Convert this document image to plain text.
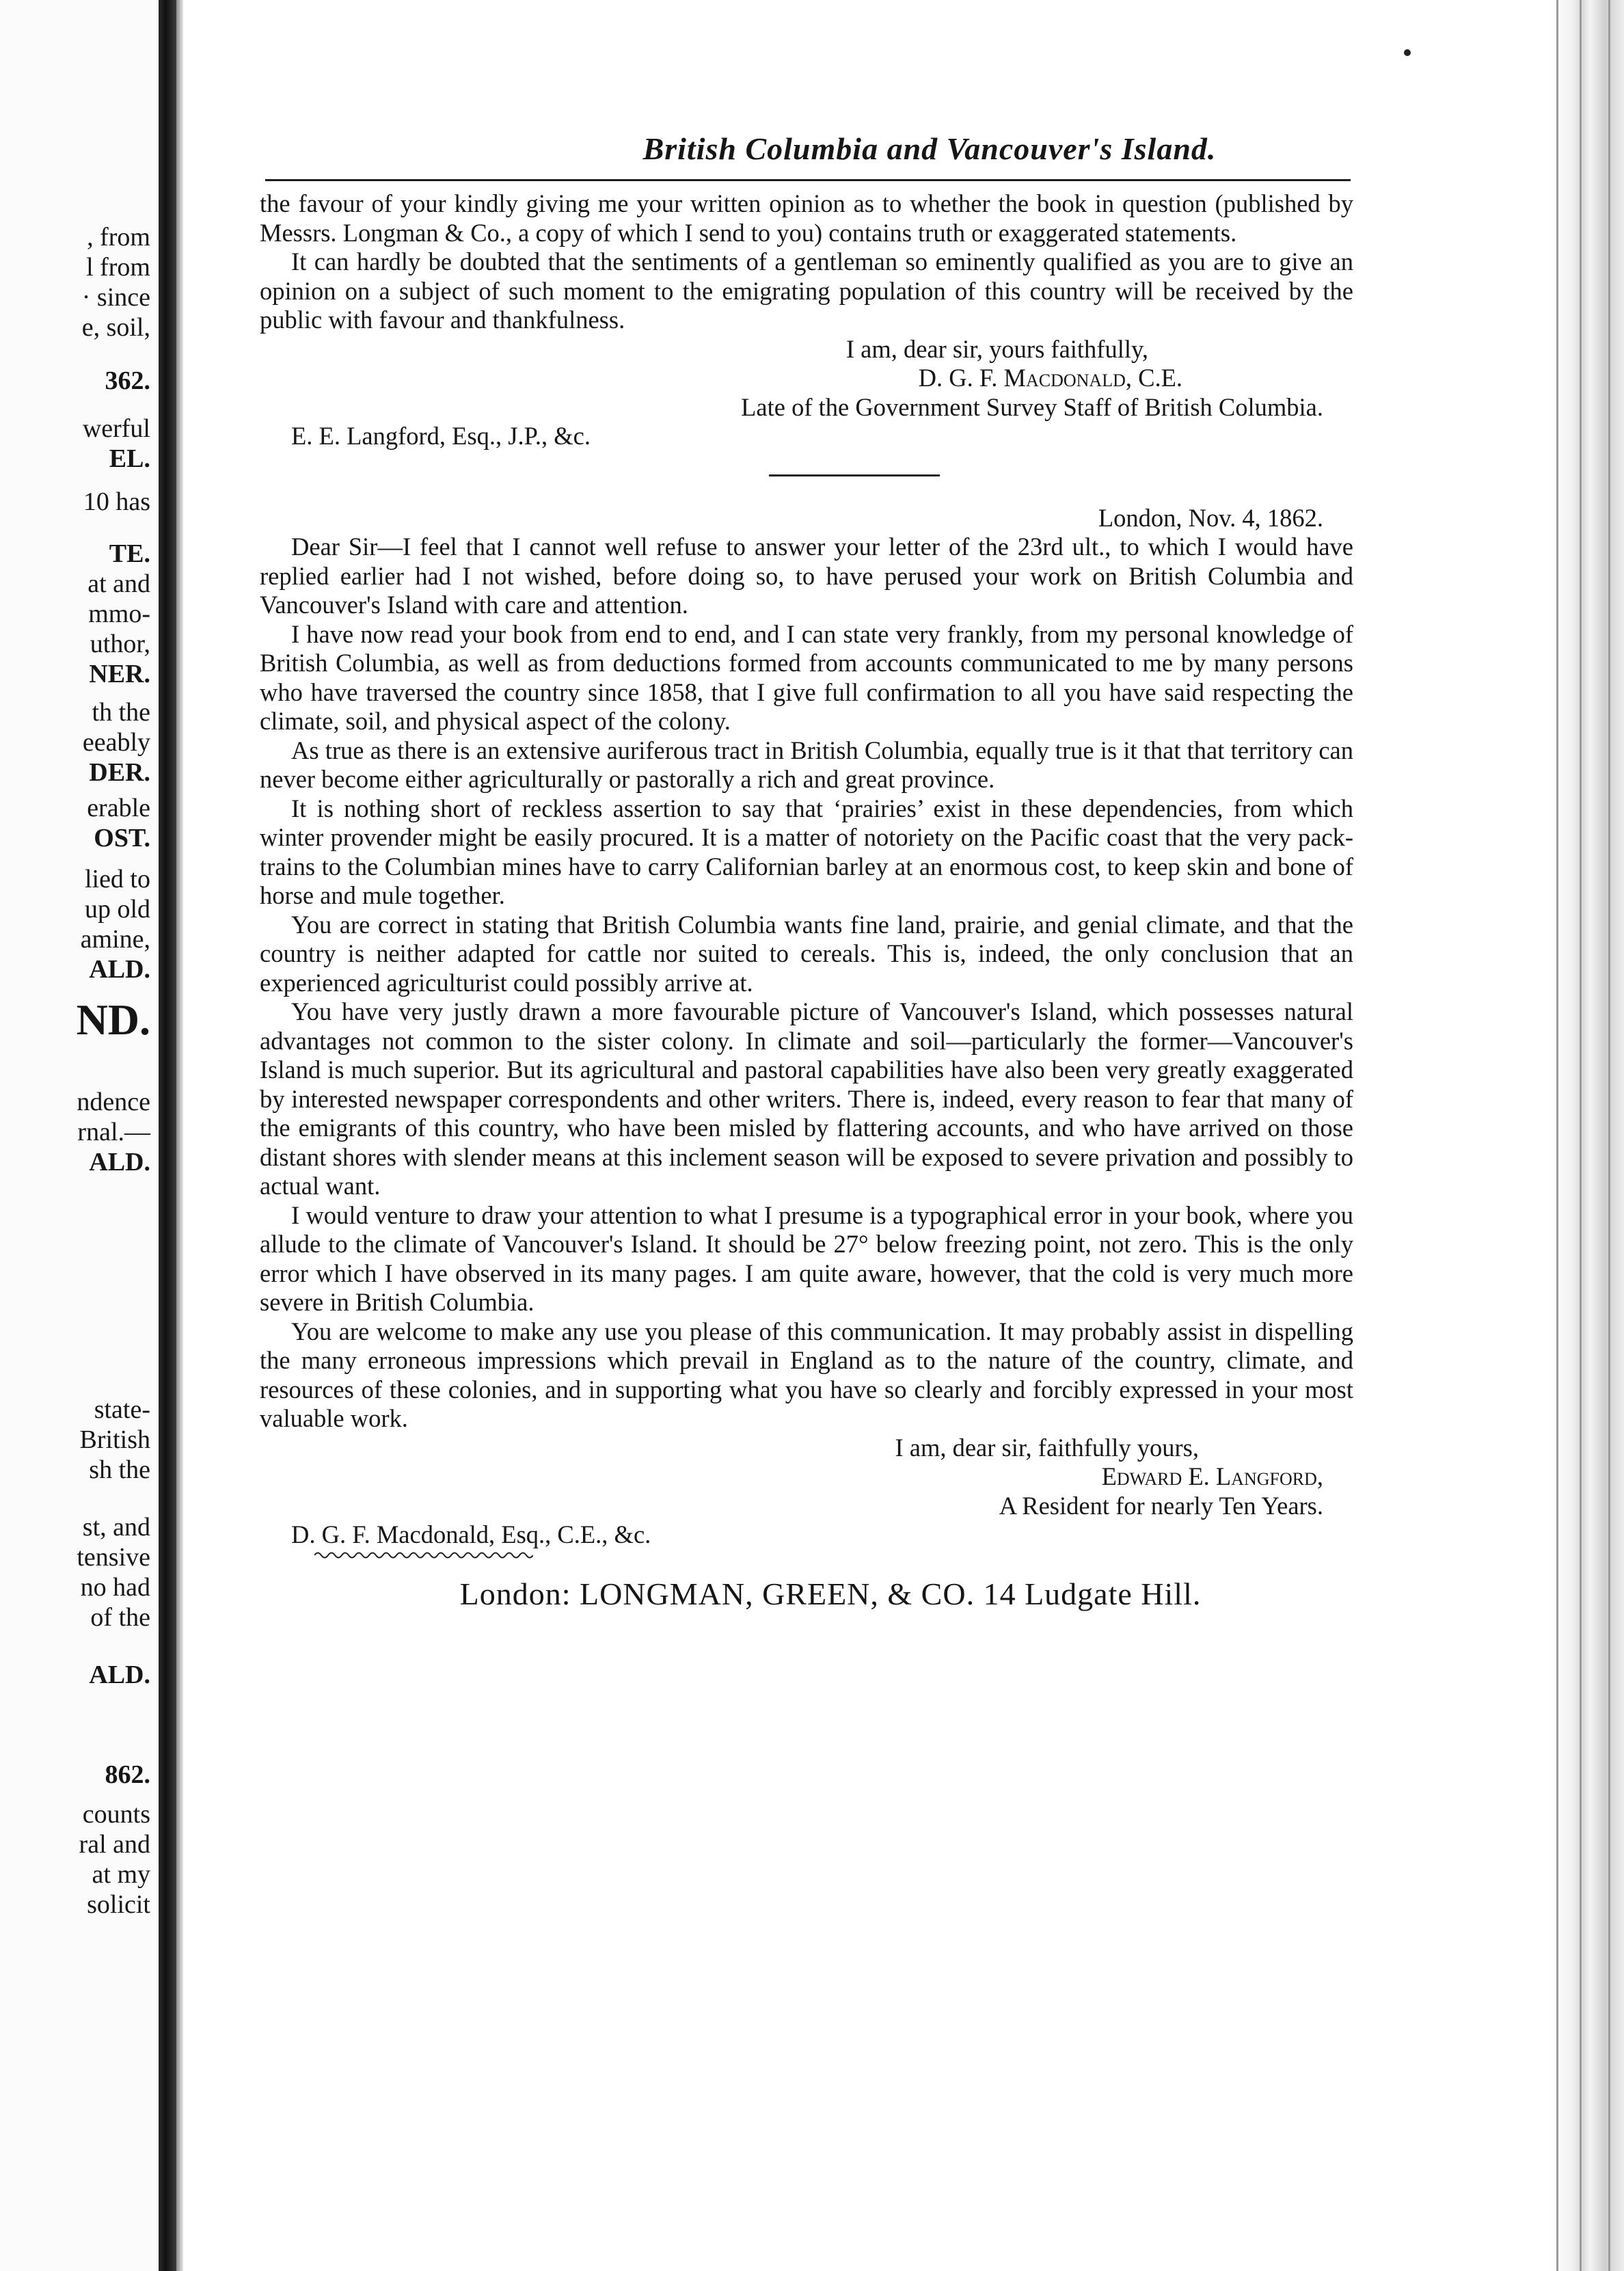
, from
l from
· since
e, soil,
362.
werful
EL.
10 has
TE.
at and
mmo-
uthor,
NER.
th the
eeably
DER.
erable
OST.
lied to
up old
amine,
ALD.
ND.
ndence
rnal.—
ALD.
state-
British
sh the
st, and
tensive
no had
of the
ALD.
862.
counts
ral and
at my
solicit
British Columbia and Vancouver's Island.

the favour of your kindly giving me your written opinion as to whether the book in question (published by Messrs. Longman & Co., a copy of which I send to you) contains truth or exaggerated statements.

It can hardly be doubted that the sentiments of a gentleman so eminently qualified as you are to give an opinion on a subject of such moment to the emigrating population of this country will be received by the public with favour and thankfulness.

I am, dear sir, yours faithfully,

D. G. F. Macdonald, C.E.

Late of the Government Survey Staff of British Columbia.

E. E. Langford, Esq., J.P., &c.

London, Nov. 4, 1862.

Dear Sir—I feel that I cannot well refuse to answer your letter of the 23rd ult., to which I would have replied earlier had I not wished, before doing so, to have perused your work on British Columbia and Vancouver's Island with care and attention.

I have now read your book from end to end, and I can state very frankly, from my personal knowledge of British Columbia, as well as from deductions formed from accounts communicated to me by many persons who have traversed the country since 1858, that I give full confirmation to all you have said respecting the climate, soil, and physical aspect of the colony.

As true as there is an extensive auriferous tract in British Columbia, equally true is it that that territory can never become either agriculturally or pastorally a rich and great province.

It is nothing short of reckless assertion to say that ‘prairies’ exist in these dependencies, from which winter provender might be easily procured. It is a matter of notoriety on the Pacific coast that the very pack-trains to the Columbian mines have to carry Californian barley at an enormous cost, to keep skin and bone of horse and mule together.

You are correct in stating that British Columbia wants fine land, prairie, and genial climate, and that the country is neither adapted for cattle nor suited to cereals. This is, indeed, the only conclusion that an experienced agriculturist could possibly arrive at.

You have very justly drawn a more favourable picture of Vancouver's Island, which possesses natural advantages not common to the sister colony. In climate and soil—particularly the former—Vancouver's Island is much superior. But its agricultural and pastoral capabilities have also been very greatly exaggerated by interested newspaper correspondents and other writers. There is, indeed, every reason to fear that many of the emigrants of this country, who have been misled by flattering accounts, and who have arrived on those distant shores with slender means at this inclement season will be exposed to severe privation and possibly to actual want.

I would venture to draw your attention to what I presume is a typographical error in your book, where you allude to the climate of Vancouver's Island. It should be 27° below freezing point, not zero. This is the only error which I have observed in its many pages. I am quite aware, however, that the cold is very much more severe in British Columbia.

You are welcome to make any use you please of this communication. It may probably assist in dispelling the many erroneous impressions which prevail in England as to the nature of the country, climate, and resources of these colonies, and in supporting what you have so clearly and forcibly expressed in your most valuable work.

I am, dear sir, faithfully yours,

Edward E. Langford,

A Resident for nearly Ten Years.

D. G. F. Macdonald, Esq., C.E., &c.

London: LONGMAN, GREEN, & CO. 14 Ludgate Hill.
